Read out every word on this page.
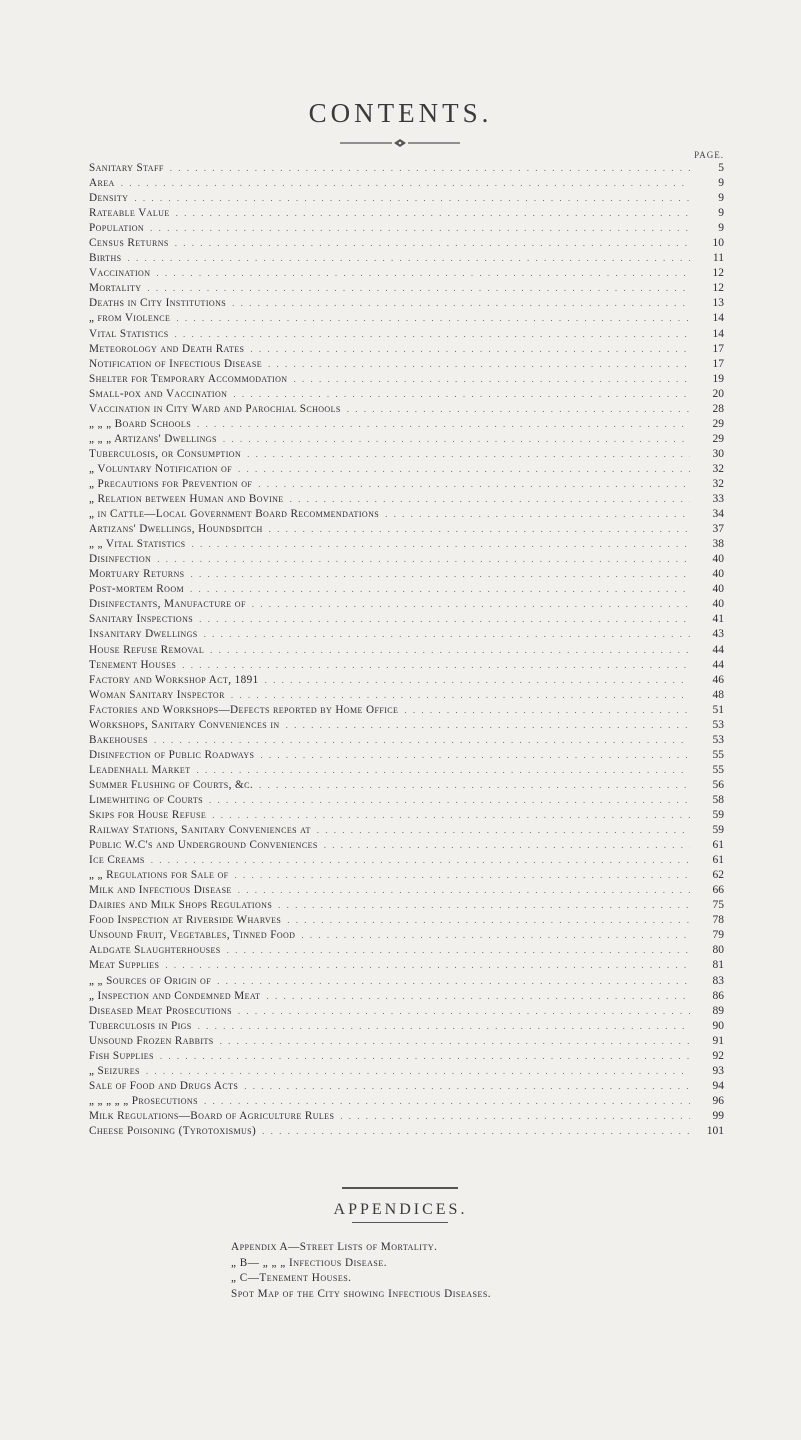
CONTENTS.
PAGE.
Sanitary Staff . . .	5
Area . . .	9
Density . . .	9
Rateable Value . . .	9
Population . . .	9
Census Returns . . .	10
Births . . .	11
Vaccination . . .	12
Mortality . . .	12
Deaths in City Institutions . . .	13
„ from Violence . . .	14
Vital Statistics . . .	14
Meteorology and Death Rates . . .	17
Notification of Infectious Disease . . .	17
Shelter for Temporary Accommodation . . .	19
Small-pox and Vaccination . . .	20
Vaccination in City Ward and Parochial Schools . . .	28
„ „ „ Board Schools . . .	29
„ „ „ Artizans' Dwellings . . .	29
Tuberculosis, or Consumption . . .	30
„ Voluntary Notification of . . .	32
„ Precautions for Prevention of . . .	32
„ Relation between Human and Bovine . . .	33
„ in Cattle—Local Government Board Recommendations . . .	34
Artizans' Dwellings, Houndsditch . . .	37
„ „ Vital Statistics . . .	38
Disinfection . . .	40
Mortuary Returns . . .	40
Post-mortem Room . . .	40
Disinfectants, Manufacture of . . .	40
Sanitary Inspections . . .	41
Insanitary Dwellings . . .	43
House Refuse Removal . . .	44
Tenement Houses . . .	44
Factory and Workshop Act, 1891 . . .	46
Woman Sanitary Inspector . . .	48
Factories and Workshops—Defects reported by Home Office . . .	51
Workshops, Sanitary Conveniences in . . .	53
Bakehouses . . .	53
Disinfection of Public Roadways . . .	55
Leadenhall Market . . .	55
Summer Flushing of Courts, &c. . . .	56
Limewhiting of Courts . . .	58
Skips for House Refuse . . .	59
Railway Stations, Sanitary Conveniences at . . .	59
Public W.C's and Underground Conveniences . . .	61
Ice Creams . . .	61
„ „ Regulations for Sale of . . .	62
Milk and Infectious Disease . . .	66
Dairies and Milk Shops Regulations . . .	75
Food Inspection at Riverside Wharves . . .	78
Unsound Fruit, Vegetables, Tinned Food . . .	79
Aldgate Slaughterhouses . . .	80
Meat Supplies . . .	81
„ „ Sources of Origin of . . .	83
„ Inspection and Condemned Meat . . .	86
Diseased Meat Prosecutions . . .	89
Tuberculosis in Pigs . . .	90
Unsound Frozen Rabbits . . .	91
Fish Supplies . . .	92
„ Seizures . . .	93
Sale of Food and Drugs Acts . . .	94
„ „ „ „ „ Prosecutions . . .	96
Milk Regulations—Board of Agriculture Rules . . .	99
Cheese Poisoning (Tyrotoxismus) . . .	101
APPENDICES.
Appendix A—Street Lists of Mortality.
„ B— „ „ „ Infectious Disease.
„ C—Tenement Houses.
Spot Map of the City showing Infectious Diseases.
